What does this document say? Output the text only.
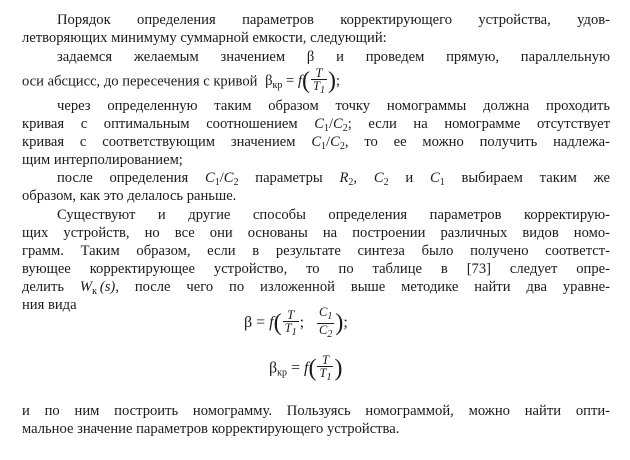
Порядок определения параметров корректирующего устройства, удов-
летворяющих минимуму суммарной емкости, следующий:
задаемся желаемым значением β и проведем прямую, параллельную
оси абсцисс, до пересечения с кривой $\beta_{кр} = f( \frac{T}{T_1}$ );
через определенную таким образом точку номограммы должна проходить
кривая с оптимальным соотношением $C_1/C_2$; если на номограмме отсутствует
кривая с соответствующим значением $C_1/C_2$, то ее можно получить надлежа-
щим интерполированием;
после определения $C_1/C_2$ параметры $R_2$, $C_2$ и $C_1$ выбираем таким же
образом, как это делалось раньше.
Существуют и другие способы определения параметров корректирую-
щих устройств, но все они основаны на построении различных видов номо-
грамм. Таким образом, если в результате синтеза было получено соответст-
вующее корректирующее устройство, то по таблице в [73] следует опре-
делить $W_к$  (s), после чего по изложенной выше методике найти два уравне-
ния вида
$\beta = f( \frac{T}{T_1}$ ; $\frac{C_1}{C_2}$ );
$\beta_{кр} = f( \frac{T}{T_1}$ )
и по ним построить номограмму. Пользуясь номограммой, можно найти опти-
мальное значение параметров корректирующего устройства.
